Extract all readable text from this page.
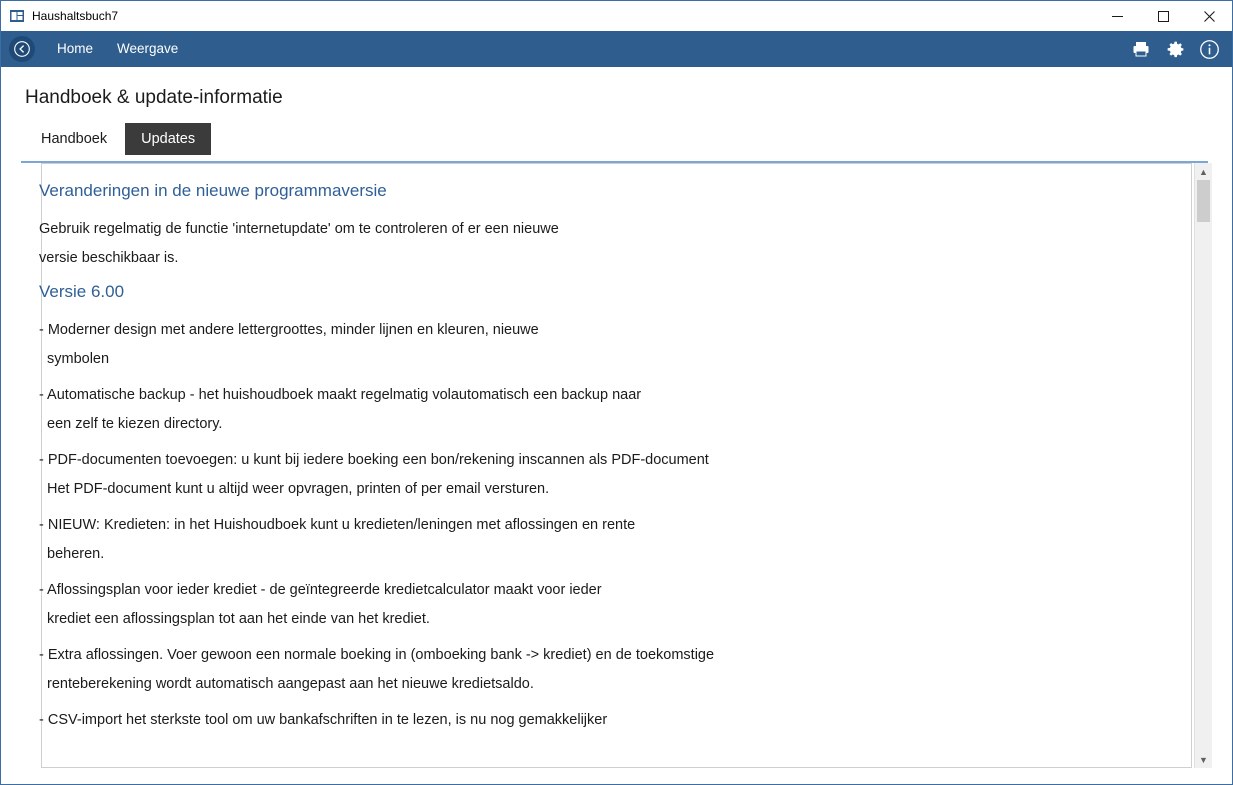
Haushaltsbuch7
Home	Weergave
Handboek & update-informatie
Handboek	Updates
Veranderingen in de nieuwe programmaversie

Gebruik regelmatig de functie 'internetupdate' om te controleren of er een nieuwe
versie beschikbaar is.

Versie 6.00

- Moderner design met andere lettergroottes, minder lijnen en kleuren, nieuwe
symbolen

- Automatische backup - het huishoudboek maakt regelmatig volautomatisch een backup naar
een zelf te kiezen directory.

- PDF-documenten toevoegen: u kunt bij iedere boeking een bon/rekening inscannen als PDF-document
Het PDF-document kunt u altijd weer opvragen, printen of per email versturen.

- NIEUW: Kredieten: in het Huishoudboek kunt u kredieten/leningen met aflossingen en rente
beheren.

- Aflossingsplan voor ieder krediet - de geïntegreerde kredietcalculator maakt voor ieder
krediet een aflossingsplan tot aan het einde van het krediet.

- Extra aflossingen. Voer gewoon een normale boeking in (omboeking bank -> krediet) en de toekomstige
renteberekening wordt automatisch aangepast aan het nieuwe kredietsaldo.

- CSV-import het sterkste tool om uw bankafschriften in te lezen, is nu nog gemakkelijker

▲
▼
